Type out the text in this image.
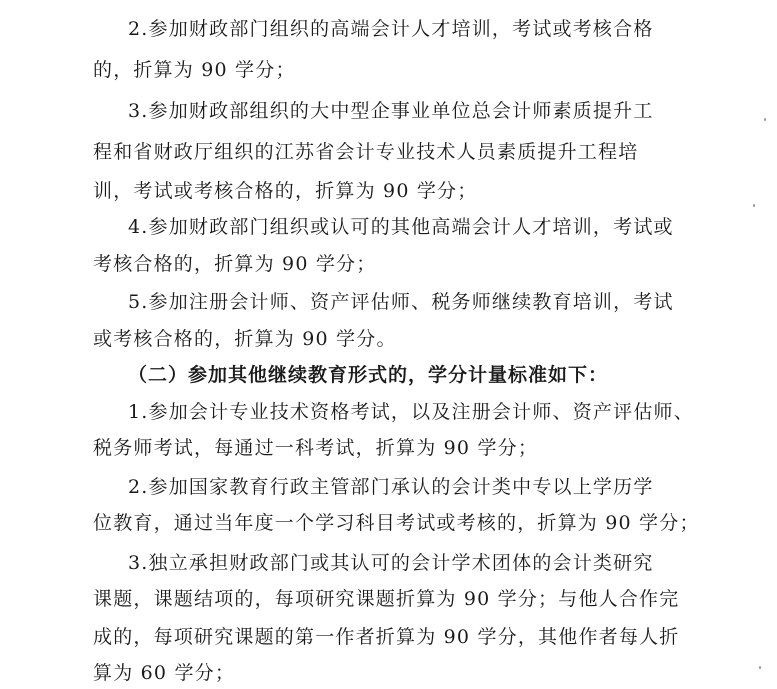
2.参加财政部门组织的高端会计人才培训，考试或考核合格
的，折算为 90 学分；
3.参加财政部组织的大中型企事业单位总会计师素质提升工
程和省财政厅组织的江苏省会计专业技术人员素质提升工程培
训，考试或考核合格的，折算为 90 学分；
4.参加财政部门组织或认可的其他高端会计人才培训，考试或
考核合格的，折算为 90 学分；
5.参加注册会计师、资产评估师、税务师继续教育培训，考试
或考核合格的，折算为 90 学分。
（二）参加其他继续教育形式的，学分计量标准如下：
1.参加会计专业技术资格考试，以及注册会计师、资产评估师、
税务师考试，每通过一科考试，折算为 90 学分；
2.参加国家教育行政主管部门承认的会计类中专以上学历学
位教育，通过当年度一个学习科目考试或考核的，折算为 90 学分；
3.独立承担财政部门或其认可的会计学术团体的会计类研究
课题，课题结项的，每项研究课题折算为 90 学分；与他人合作完
成的，每项研究课题的第一作者折算为 90 学分，其他作者每人折
算为 60 学分；
